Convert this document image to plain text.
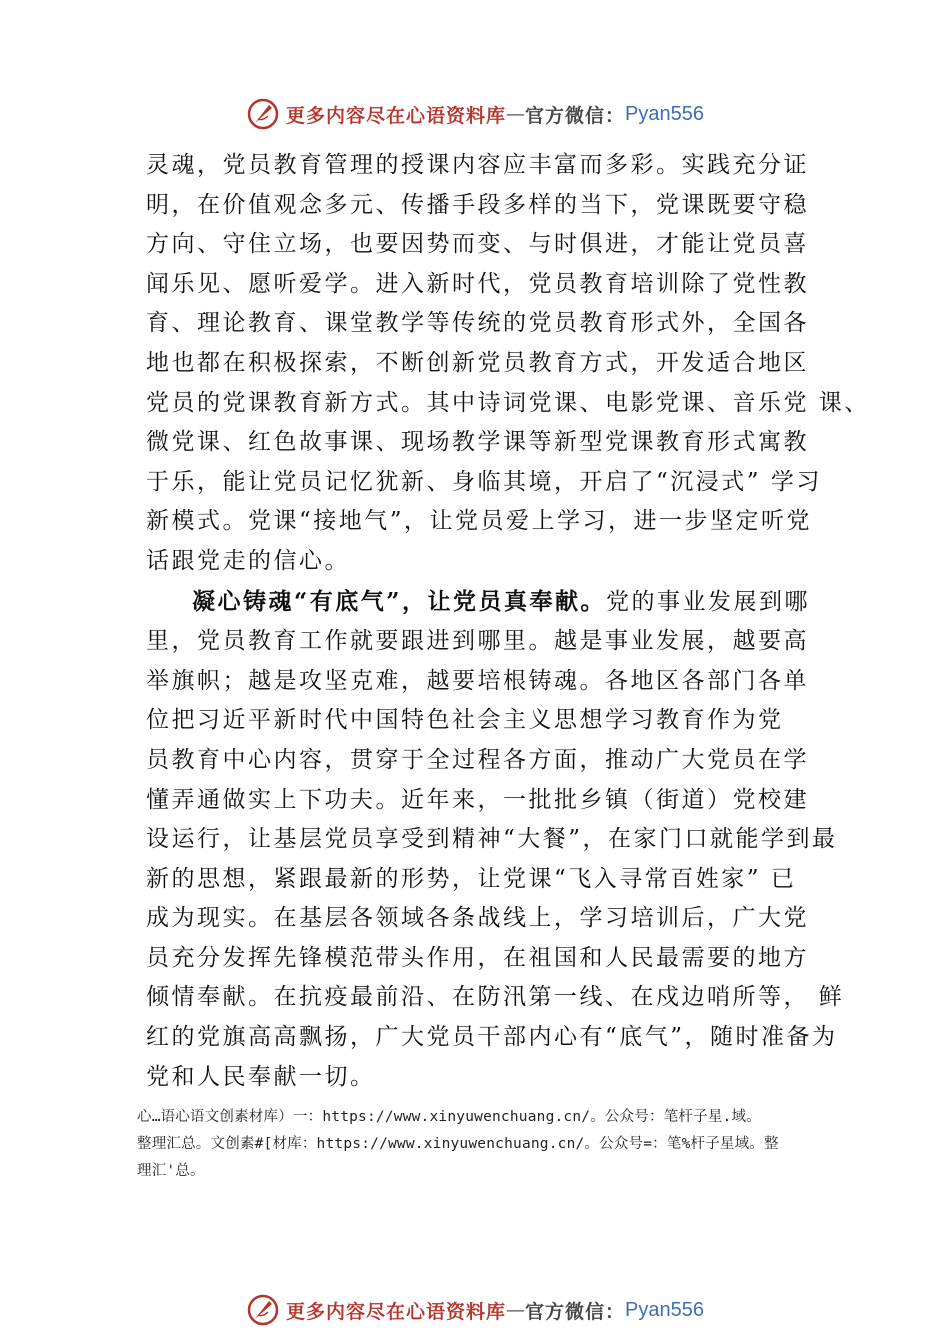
更多内容尽在心语资料库 — 官方微信： Pyan556
灵魂，党员教育管理的授课内容应丰富而多彩。实践充分证
明，在价值观念多元、传播手段多样的当下，党课既要守稳
方向、守住立场，也要因势而变、与时俱进，才能让党员喜
闻乐见、愿听爱学。进入新时代，党员教育培训除了党性教
育、理论教育、课堂教学等传统的党员教育形式外，全国各
地也都在积极探索，不断创新党员教育方式，开发适合地区
党员的党课教育新方式。其中诗词党课、电影党课、音乐党 课、
微党课、红色故事课、现场教学课等新型党课教育形式寓教
于乐，能让党员记忆犹新、身临其境，开启了“沉浸式” 学习
新模式。党课“接地气”，让党员爱上学习，进一步坚定听党
话跟党走的信心。
凝心铸魂“有底气”，让党员真奉献。党的事业发展到哪
里，党员教育工作就要跟进到哪里。越是事业发展，越要高
举旗帜；越是攻坚克难，越要培根铸魂。各地区各部门各单
位把习近平新时代中国特色社会主义思想学习教育作为党
员教育中心内容，贯穿于全过程各方面，推动广大党员在学
懂弄通做实上下功夫。近年来，一批批乡镇（街道）党校建
设运行，让基层党员享受到精神“大餐”，在家门口就能学到最
新的思想，紧跟最新的形势，让党课“飞入寻常百姓家” 已
成为现实。在基层各领域各条战线上，学习培训后，广大党
员充分发挥先锋模范带头作用，在祖国和人民最需要的地方
倾情奉献。在抗疫最前沿、在防汛第一线、在戍边哨所等， 鲜
红的党旗高高飘扬，广大党员干部内心有“底气”，随时准备为
党和人民奉献一切。
心…语心语文创素材库）一：https://www.xinyuwenchuang.cn/。公众号：笔杆子星.域。
整理汇总。文创素#[材库：https://www.xinyuwenchuang.cn/。公众号=：笔%杆子星域。整
理汇'总。
更多内容尽在心语资料库 — 官方微信： Pyan556
